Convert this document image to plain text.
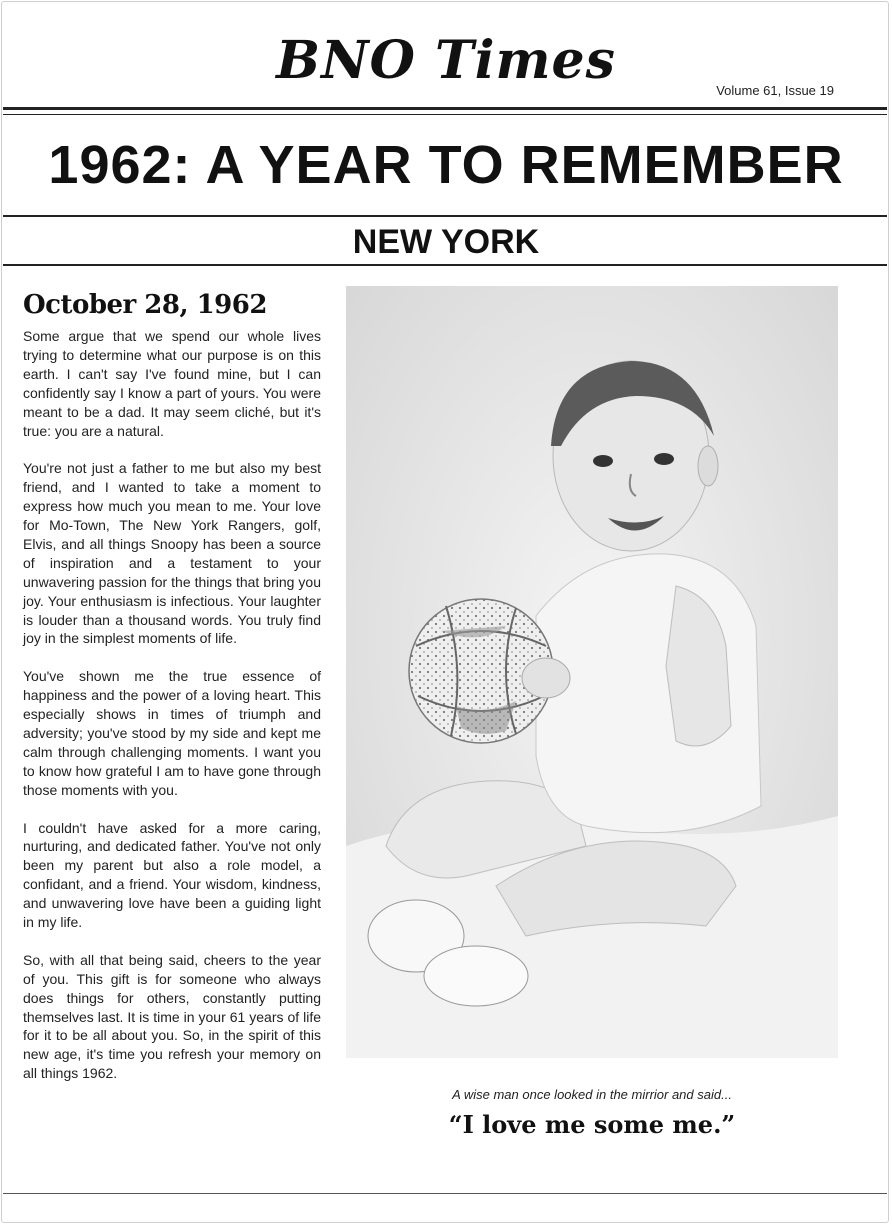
BNO Times	Volume 61, Issue 19
1962: A YEAR TO REMEMBER
NEW YORK
October 28, 1962

Some argue that we spend our whole lives trying to determine what our purpose is on this earth. I can't say I've found mine, but I can confidently say I know a part of yours. You were meant to be a dad. It may seem cliché, but it's true: you are a natural.

You're not just a father to me but also my best friend, and I wanted to take a moment to express how much you mean to me. Your love for Mo-Town, The New York Rangers, golf, Elvis, and all things Snoopy has been a source of inspiration and a testament to your unwavering passion for the things that bring you joy. Your enthusiasm is infectious. Your laughter is louder than a thousand words. You truly find joy in the simplest moments of life.

You've shown me the true essence of happiness and the power of a loving heart. This especially shows in times of triumph and adversity; you've stood by my side and kept me calm through challenging moments. I want you to know how grateful I am to have gone through those moments with you.

I couldn't have asked for a more caring, nurturing, and dedicated father. You've not only been my parent but also a role model, a confidant, and a friend. Your wisdom, kindness, and unwavering love have been a guiding light in my life.

So, with all that being said, cheers to the year of you. This gift is for someone who always does things for others, constantly putting themselves last. It is time in your 61 years of life for it to be all about you. So, in the spirit of this new age, it's time you refresh your memory on all things 1962.

A wise man once looked in the mirrior and said...
“I love me some me.”
